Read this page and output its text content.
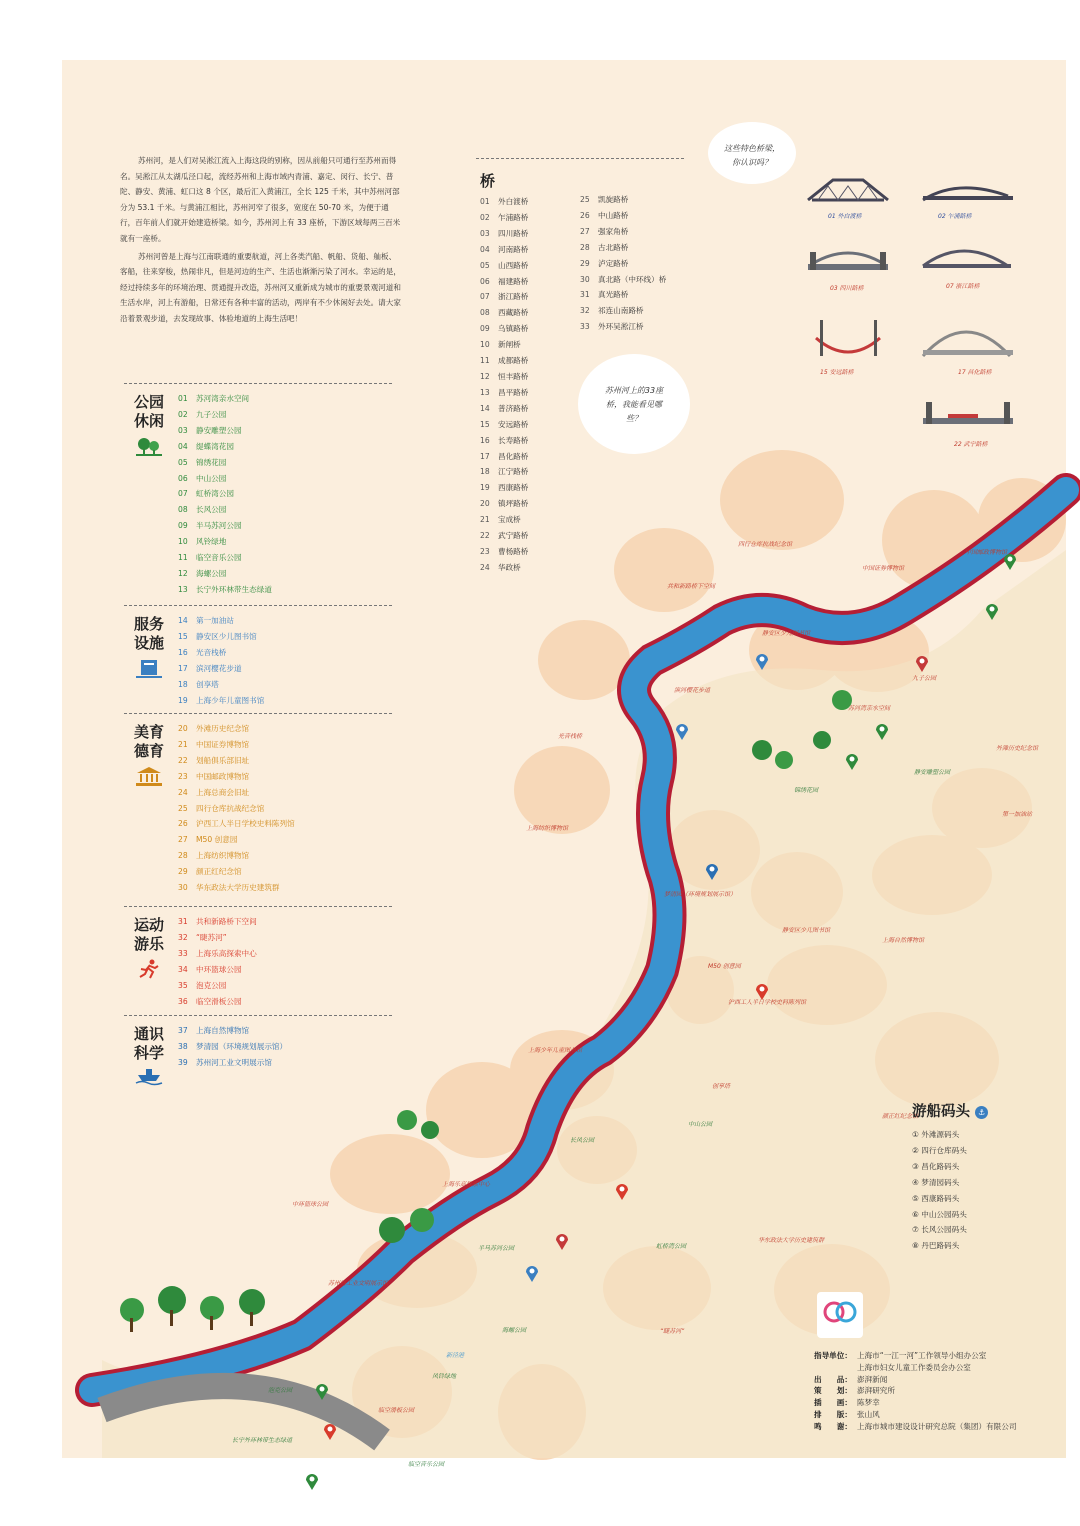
苏州河，是人们对吴淞江流入上海这段的别称，因从前船只可通行至苏州而得名。吴淞江从太湖瓜泾口起，流经苏州和上海市域内青浦、嘉定、闵行、长宁、普陀、静安、黄浦、虹口这 8 个区，最后汇入黄浦江，全长 125 千米，其中苏州河部分为 53.1 千米。与黄浦江相比，苏州河窄了很多，宽度在 50-70 米，为便于通行，百年前人们就开始建造桥梁。如今，苏州河上有 33 座桥，下游区域每两三百米就有一座桥。

苏州河曾是上海与江南联通的重要航道，河上各类汽船、帆船、货船、舢板、客船，往来穿梭，热闹非凡，但是河边的生产、生活也渐渐污染了河水。幸运的是，经过持续多年的环境治理、贯通提升改造，苏州河又重新成为城市的重要景观河道和生活水岸，河上有游船，日常还有各种丰富的活动，两岸有不少休闲好去处。请大家沿着景观步道，去发现故事、体验地道的上海生活吧！

公园
休闲
01 苏河湾亲水空间
02 九子公园
03 静安雕塑公园
04 缇蝶湾花园
05 锦绣花园
06 中山公园
07 虹桥湾公园
08 长风公园
09 半马苏河公园
10 风铃绿地
11 临空音乐公园
12 海螺公园
13 长宁外环林带生态绿道
服务
设施
14 第一加油站
15 静安区少儿图书馆
16 光音栈桥
17 滨河樱花步道
18 创享塔
19 上海少年儿童图书馆
美育
德育
20 外滩历史纪念馆
21 中国证券博物馆
22 划船俱乐部旧址
23 中国邮政博物馆
24 上海总商会旧址
25 四行仓库抗战纪念馆
26 沪西工人半日学校史料陈列馆
27 M50 创意园
28 上海纺织博物馆
29 颜正红纪念馆
30 华东政法大学历史建筑群
运动
游乐
31 共和新路桥下空间
32 “睫苏河”
33 上海乐高探索中心
34 中环篮球公园
35 泡克公园
36 临空滑板公园
通识
科学
37 上海自然博物馆
38 梦清园（环境规划展示馆）
39 苏州河工业文明展示馆
桥
01 外白渡桥
02 乍浦路桥
03 四川路桥
04 河南路桥
05 山西路桥
06 福建路桥
07 浙江路桥
08 西藏路桥
09 乌镇路桥
10 新闸桥
11 成都路桥
12 恒丰路桥
13 昌平路桥
14 普济路桥
15 安远路桥
16 长寿路桥
17 昌化路桥
18 江宁路桥
19 西康路桥
20 镇坪路桥
21 宝成桥
22 武宁路桥
23 曹杨路桥
24 华政桥
25 凯旋路桥
26 中山路桥
27 强家角桥
28 古北路桥
29 泸定路桥
30 真北路（中环线）桥
31 真光路桥
32 祁连山南路桥
33 外环吴淞江桥
这些特色桥梁，你认识吗？
苏州河上的33座桥，我能看见哪些？
01 外白渡桥	02 乍浦路桥
03 四川路桥	07 浙江路桥
15 安远路桥	17 昌化路桥
22 武宁路桥
四行仓库抗战纪念馆
中国证券博物馆
中国邮政博物馆
共和新路桥下空间
静安区少儿图书馆
滨河樱花步道
光音栈桥
苏河湾亲水空间
九子公园
外滩历史纪念馆
第一加油站
静安雕塑公园
锦绣花园
上海纺织博物馆
梦清园（环境规划展示馆）
M50 创意园
静安区少儿图书馆
上海自然博物馆
创享塔
沪西工人半日学校史料陈列馆
颜正红纪念馆
上海少年儿童图书馆
中山公园
长风公园
上海乐高探索中心
中环篮球公园
半马苏河公园
苏州河工业文明展示馆
华东政法大学历史建筑群
虹桥湾公园
“睫苏河”
海螺公园
风铃绿地
泡克公园
临空滑板公园
临空音乐公园
长宁外环林带生态绿道
新泾港
游船码头 ⚓
① 外滩源码头
② 四行仓库码头
③ 昌化路码头
④ 梦清园码头
⑤ 西康路码头
⑥ 中山公园码头
⑦ 长风公园码头
⑧ 丹巴路码头
指导单位： 上海市“一江一河”工作领导小组办公室
上海市妇女儿童工作委员会办公室
出　　品： 澎湃新闻
策　　划： 澎湃研究所
插　　画： 陈梦幸
排　　版： 张山风
鸣　　谢： 上海市城市建设设计研究总院（集团）有限公司
